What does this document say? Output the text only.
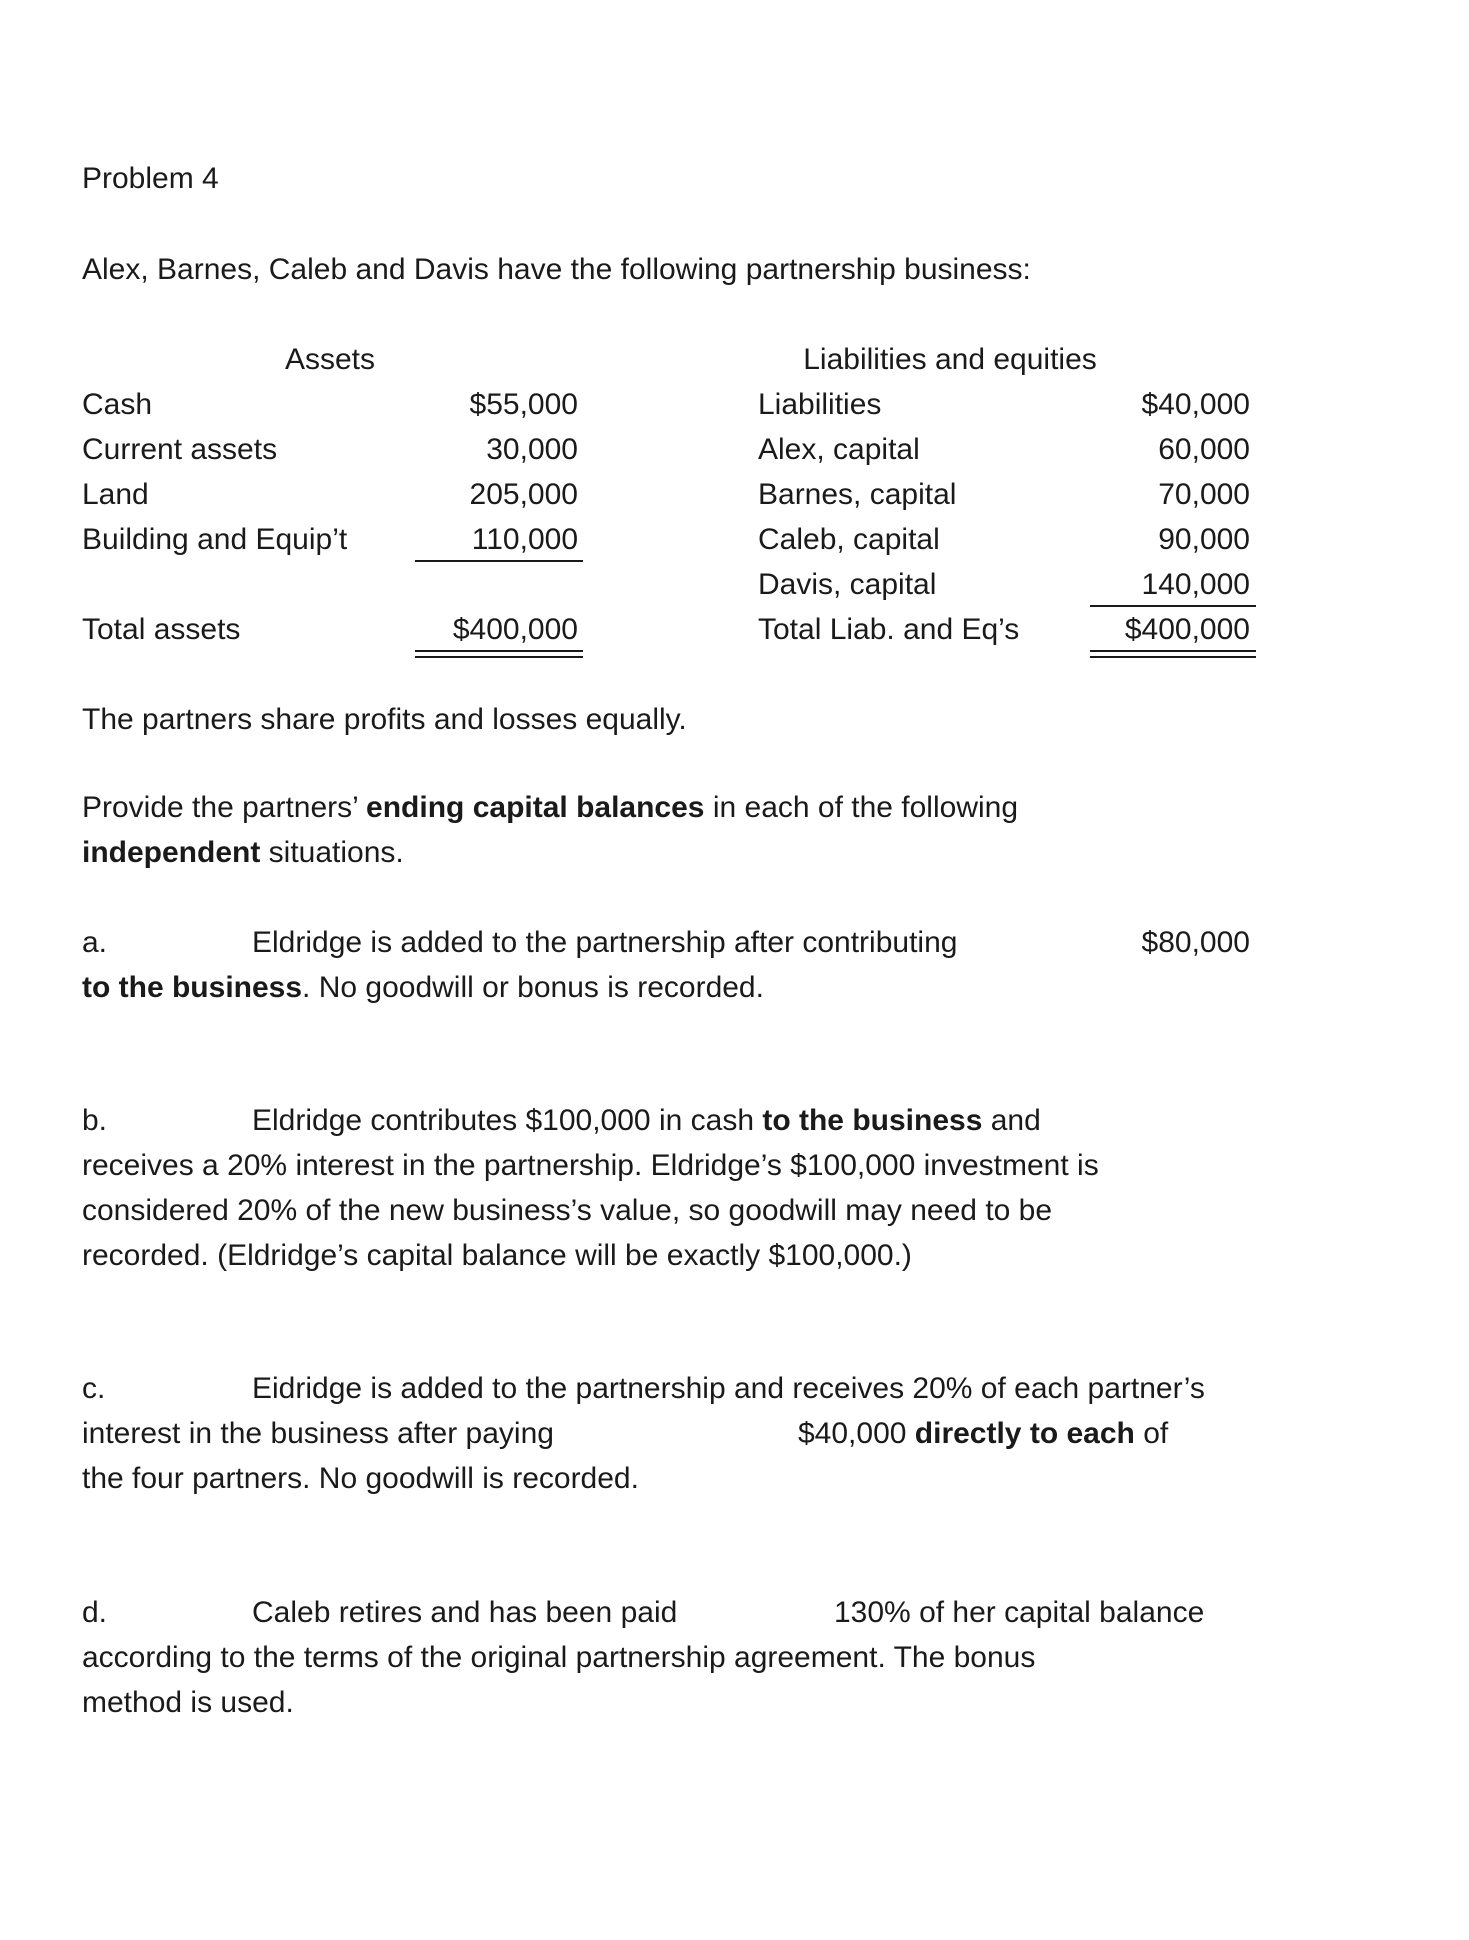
Problem 4
Alex, Barnes, Caleb and Davis have the following partnership business:
Assets	Liabilities and equities
Cash	$55,000
Current assets	30,000
Land	205,000
Building and Equip’t	110,000
Total assets	$400,000
Liabilities	$40,000
Alex, capital	60,000
Barnes, capital	70,000
Caleb, capital	90,000
Davis, capital	140,000
Total Liab. and Eq’s	$400,000
The partners share profits and losses equally.
Provide the partners’ ending capital balances in each of the following
independent situations.
a.	Eldridge is added to the partnership after contributing	$80,000
to the business. No goodwill or bonus is recorded.
b.	Eldridge contributes $100,000 in cash to the business and
receives a 20% interest in the partnership. Eldridge’s $100,000 investment is
considered 20% of the new business’s value, so goodwill may need to be
recorded. (Eldridge’s capital balance will be exactly $100,000.)
c.	Eidridge is added to the partnership and receives 20% of each partner’s
interest in the business after paying	$40,000 directly to each of
the four partners. No goodwill is recorded.
d.	Caleb retires and has been paid	130% of her capital balance
according to the terms of the original partnership agreement. The bonus
method is used.
